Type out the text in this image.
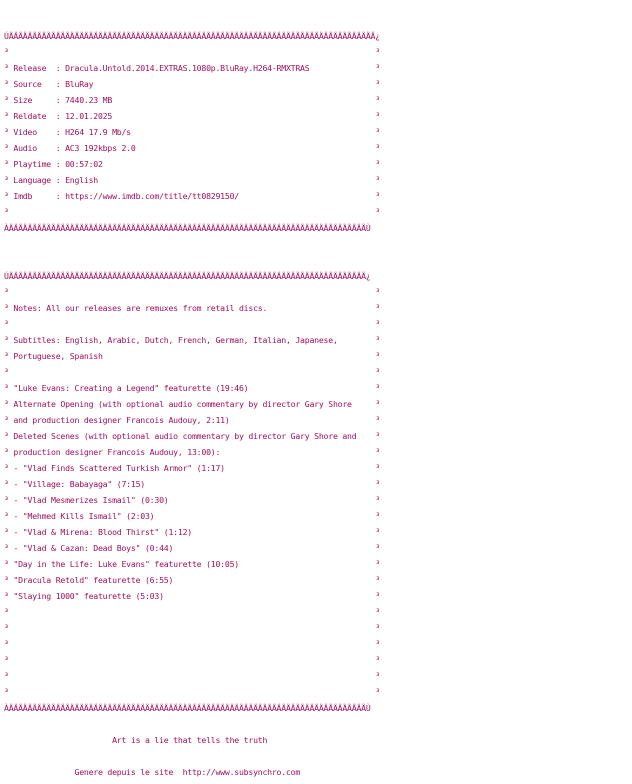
ÚÄÄÄÄÄÄÄÄÄÄÄÄÄÄÄÄÄÄÄÄÄÄÄÄÄÄÄÄÄÄÄÄÄÄÄÄÄÄÄÄÄÄÄÄÄÄÄÄÄÄÄÄÄÄÄÄÄÄÄÄÄÄÄÄÄÄÄÄÄÄÄÄÄÄÄÄÄÄ¿
³                                                                              ³
³ Release  : Dracula.Untold.2014.EXTRAS.1080p.BluRay.H264-RMXTRAS              ³
³ Source   : BluRay                                                            ³
³ Size     : 7440.23 MB                                                        ³
³ Reldate  : 12.01.2025                                                        ³
³ Video    : H264 17.9 Mb/s                                                    ³
³ Audio    : AC3 192kbps 2.0                                                   ³
³ Playtime : 00:57:02                                                          ³
³ Language : English                                                           ³
³ Imdb     : https://www.imdb.com/title/tt0829150/                             ³
³                                                                              ³
ÀÄÄÄÄÄÄÄÄÄÄÄÄÄÄÄÄÄÄÄÄÄÄÄÄÄÄÄÄÄÄÄÄÄÄÄÄÄÄÄÄÄÄÄÄÄÄÄÄÄÄÄÄÄÄÄÄÄÄÄÄÄÄÄÄÄÄÄÄÄÄÄÄÄÄÄÄÙ

ÚÄÄÄÄÄÄÄÄÄÄÄÄÄÄÄÄÄÄÄÄÄÄÄÄÄÄÄÄÄÄÄÄÄÄÄÄÄÄÄÄÄÄÄÄÄÄÄÄÄÄÄÄÄÄÄÄÄÄÄÄÄÄÄÄÄÄÄÄÄÄÄÄÄÄÄÄ¿
³                                                                              ³
³ Notes: All our releases are remuxes from retail discs.                       ³
³                                                                              ³
³ Subtitles: English, Arabic, Dutch, French, German, Italian, Japanese,        ³
³ Portuguese, Spanish                                                          ³
³                                                                              ³
³ "Luke Evans: Creating a Legend" featurette (19:46)                           ³
³ Alternate Opening (with optional audio commentary by director Gary Shore     ³
³ and production designer Francois Audouy, 2:11)                               ³
³ Deleted Scenes (with optional audio commentary by director Gary Shore and    ³
³ production designer Francois Audouy, 13:00):                                 ³
³ - "Vlad Finds Scattered Turkish Armor" (1:17)                                ³
³ - "Village: Babayaga" (7:15)                                                 ³
³ - "Vlad Mesmerizes Ismail" (0:30)                                            ³
³ - "Mehmed Kills Ismail" (2:03)                                               ³
³ - "Vlad & Mirena: Blood Thirst" (1:12)                                       ³
³ - "Vlad & Cazan: Dead Boys" (0:44)                                           ³
³ "Day in the Life: Luke Evans" featurette (10:05)                             ³
³ "Dracula Retold" featurette (6:55)                                           ³
³ "Slaying 1000" featurette (5:03)                                             ³
³                                                                              ³
³                                                                              ³
³                                                                              ³
³                                                                              ³
³                                                                              ³
³                                                                              ³
ÀÄÄÄÄÄÄÄÄÄÄÄÄÄÄÄÄÄÄÄÄÄÄÄÄÄÄÄÄÄÄÄÄÄÄÄÄÄÄÄÄÄÄÄÄÄÄÄÄÄÄÄÄÄÄÄÄÄÄÄÄÄÄÄÄÄÄÄÄÄÄÄÄÄÄÄÄÙ

Art is a lie that tells the truth

Genere depuis le site  http://www.subsynchro.com
